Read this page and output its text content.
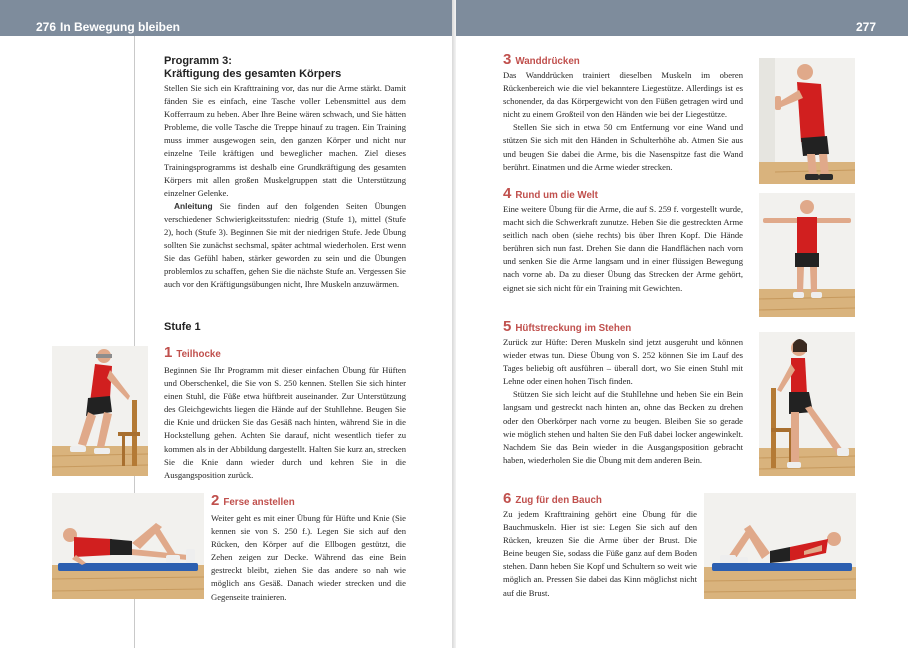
276 In Bewegung bleiben	277
Programm 3:
Kräftigung des gesamten Körpers

Stellen Sie sich ein Krafttraining vor, das nur die Arme stärkt. Damit fänden Sie es einfach, eine Tasche voller Lebensmittel aus dem Kofferraum zu heben. Aber Ihre Beine wären schwach, und Sie hätten Probleme, die volle Tasche die Treppe hinauf zu tragen. Ein Training muss immer ausgewogen sein, den ganzen Körper und nicht nur einzelne Teile kräftigen und beweglicher machen. Ziel dieses Trainingsprogramms ist deshalb eine Grundkräftigung des gesamten Körpers mit allen großen Muskelgruppen statt die Unterstützung einzelner Gelenke.

Anleitung Sie finden auf den folgenden Seiten Übungen verschiedener Schwierigkeitsstufen: niedrig (Stufe 1), mittel (Stufe 2), hoch (Stufe 3). Beginnen Sie mit der niedrigen Stufe. Jede Übung sollten Sie zunächst sechsmal, später achtmal wiederholen. Erst wenn Sie das Gefühl haben, stärker geworden zu sein und die Übungen problemlos zu schaffen, gehen Sie die nächste Stufe an. Vergessen Sie auch vor den Kräftigungsübungen nicht, Ihre Muskeln anzuwärmen.

Stufe 1
1 Teilhocke

Beginnen Sie Ihr Programm mit dieser einfachen Übung für Hüften und Oberschenkel, die Sie von S. 250 kennen. Stellen Sie sich hinter einen Stuhl, die Füße etwa hüftbreit auseinander. Zur Unterstützung des Gleichgewichts liegen die Hände auf der Stuhllehne. Beugen Sie die Knie und drücken Sie das Gesäß nach hinten, während Sie in die Hockstellung gehen. Achten Sie darauf, nicht wesentlich tiefer zu kommen als in der Abbildung dargestellt. Halten Sie kurz an, strecken Sie die Knie dann wieder durch und kehren Sie in die Ausgangsposition zurück.

2 Ferse anstellen

Weiter geht es mit einer Übung für Hüfte und Knie (Sie kennen sie von S. 250 f.). Legen Sie sich auf den Rücken, den Körper auf die Ellbogen gestützt, die Zehen zeigen zur Decke. Während das eine Bein gestreckt bleibt, ziehen Sie das andere so nah wie möglich ans Gesäß. Danach wieder strecken und die Gegenseite trainieren.

3 Wanddrücken

Das Wanddrücken trainiert dieselben Muskeln im oberen Rückenbereich wie die viel bekanntere Liegestütze. Allerdings ist es schonender, da das Körpergewicht von den Füßen getragen wird und nicht zu einem Großteil von den Händen wie bei der Liegestütze.

Stellen Sie sich in etwa 50 cm Entfernung vor eine Wand und stützen Sie sich mit den Händen in Schulterhöhe ab. Atmen Sie aus und beugen Sie dabei die Arme, bis die Nasenspitze fast die Wand berührt. Einatmen und die Arme wieder strecken.

4 Rund um die Welt

Eine weitere Übung für die Arme, die auf S. 259 f. vorgestellt wurde, macht sich die Schwerkraft zunutze. Heben Sie die gestreckten Arme seitlich nach oben (siehe rechts) bis über Ihren Kopf. Die Hände berühren sich nun fast. Drehen Sie dann die Handflächen nach vorn und senken Sie die Arme langsam und in einer flüssigen Bewegung nach vorne ab. Da zu dieser Übung das Strecken der Arme gehört, eignet sie sich nicht für ein Training mit Gewichten.

5 Hüftstreckung im Stehen

Zurück zur Hüfte: Deren Muskeln sind jetzt ausgeruht und können wieder etwas tun. Diese Übung von S. 252 können Sie im Lauf des Tages beliebig oft ausführen – überall dort, wo Sie einen Stuhl mit Lehne oder einen hohen Tisch finden.

Stützen Sie sich leicht auf die Stuhllehne und heben Sie ein Bein langsam und gestreckt nach hinten an, ohne das Becken zu drehen oder den Oberkörper nach vorne zu beugen. Bleiben Sie so gerade wie möglich stehen und halten Sie den Fuß dabei locker angewinkelt. Nachdem Sie das Bein wieder in die Ausgangsposition gebracht haben, wiederholen Sie die Übung mit dem anderen Bein.

6 Zug für den Bauch

Zu jedem Krafttraining gehört eine Übung für die Bauchmuskeln. Hier ist sie: Legen Sie sich auf den Rücken, kreuzen Sie die Arme über der Brust. Die Beine beugen Sie, sodass die Füße ganz auf dem Boden stehen. Dann heben Sie Kopf und Schultern so weit wie möglich an. Pressen Sie dabei das Kinn möglichst nicht auf die Brust.
